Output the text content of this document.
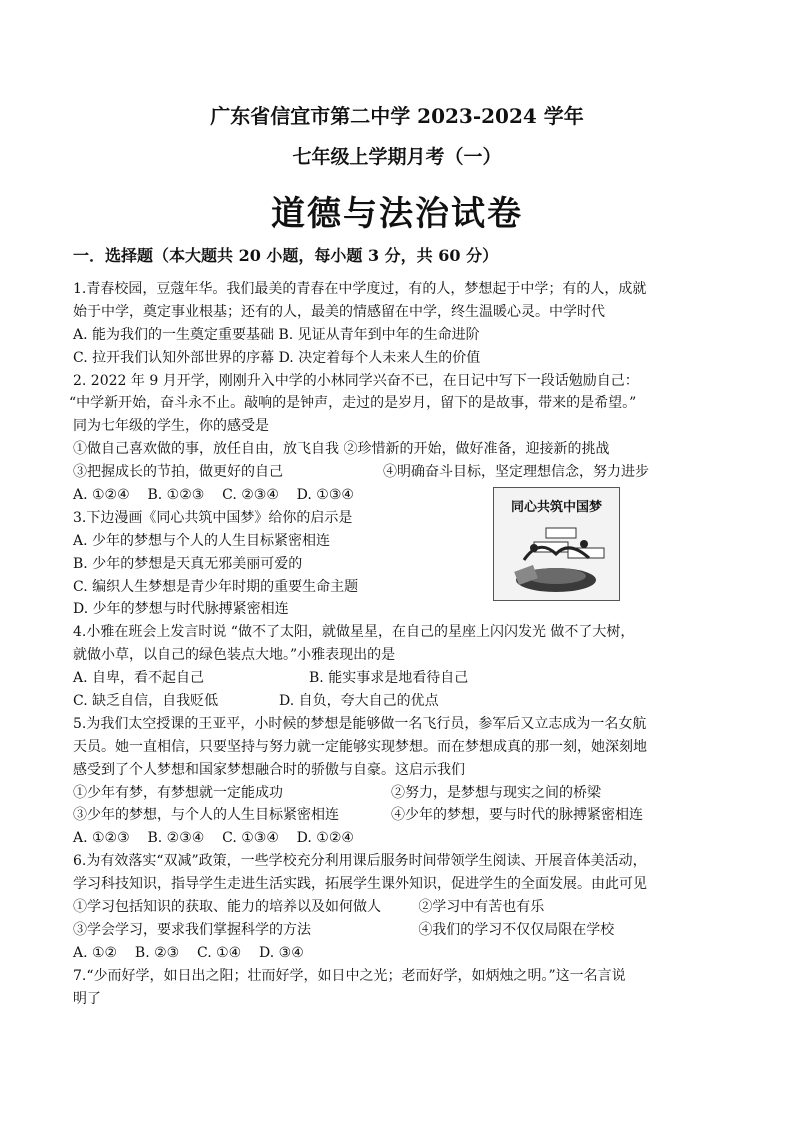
广东省信宜市第二中学 2023-2024 学年
七年级上学期月考（一）
道德与法治试卷
一．选择题（本大题共 20 小题，每小题 3 分，共 60 分）
1.青春校园，豆蔻年华。我们最美的青春在中学度过，有的人，梦想起于中学；有的人，成就
始于中学，奠定事业根基；还有的人，最美的情感留在中学，终生温暖心灵。中学时代
A. 能为我们的一生奠定重要基础 B. 见证从青年到中年的生命进阶
C. 拉开我们认知外部世界的序幕 D. 决定着每个人未来人生的价值
2. 2022 年 9 月开学，刚刚升入中学的小林同学兴奋不已，在日记中写下一段话勉励自己：
“中学新开始，奋斗永不止。敲响的是钟声，走过的是岁月，留下的是故事，带来的是希望。”
同为七年级的学生，你的感受是
①做自己喜欢做的事，放任自由，放飞自我 ②珍惜新的开始，做好准备，迎接新的挑战
③把握成长的节拍，做更好的自己	④明确奋斗目标，坚定理想信念，努力进步
A. ①②④    B. ①②③    C. ②③④    D. ①③④
3.下边漫画《同心共筑中国梦》给你的启示是
A. 少年的梦想与个人的人生目标紧密相连
B. 少年的梦想是天真无邪美丽可爱的
C. 编织人生梦想是青少年时期的重要生命主题
D. 少年的梦想与时代脉搏紧密相连
4.小雅在班会上发言时说 “做不了太阳，就做星星，在自己的星座上闪闪发光 做不了大树，
就做小草，以自己的绿色装点大地。”小雅表现出的是
A. 自卑，看不起自己	B. 能实事求是地看待自己
C. 缺乏自信，自我贬低	D. 自负，夸大自己的优点
5.为我们太空授课的王亚平，小时候的梦想是能够做一名飞行员，参军后又立志成为一名女航
天员。她一直相信，只要坚持与努力就一定能够实现梦想。而在梦想成真的那一刻，她深刻地
感受到了个人梦想和国家梦想融合时的骄傲与自豪。这启示我们
①少年有梦，有梦想就一定能成功	②努力，是梦想与现实之间的桥梁
③少年的梦想，与个人的人生目标紧密相连	④少年的梦想，要与时代的脉搏紧密相连
A. ①②③    B. ②③④    C. ①③④    D. ①②④
6.为有效落实“双减”政策，一些学校充分利用课后服务时间带领学生阅读、开展音体美活动，
学习科技知识，指导学生走进生活实践，拓展学生课外知识，促进学生的全面发展。由此可见
①学习包括知识的获取、能力的培养以及如何做人	②学习中有苦也有乐
③学会学习，要求我们掌握科学的方法	④我们的学习不仅仅局限在学校
A. ①②    B. ②③    C. ①④    D. ③④
7.“少而好学，如日出之阳；壮而好学，如日中之光；老而好学，如炳烛之明。”这一名言说
明了
同心共筑中国梦
